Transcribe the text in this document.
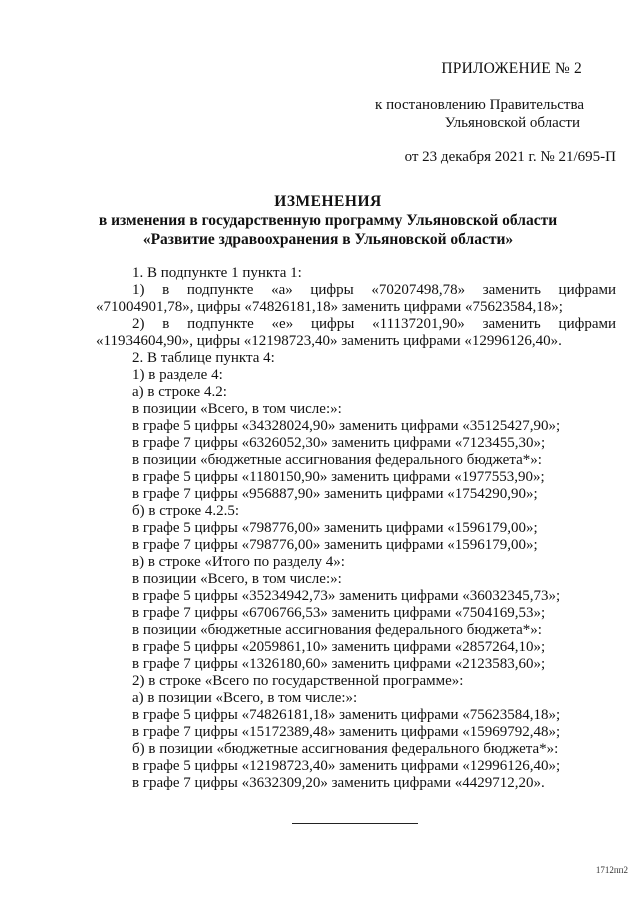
ПРИЛОЖЕНИЕ № 2
к постановлению Правительства
Ульяновской области
от 23 декабря 2021 г. № 21/695-П
ИЗМЕНЕНИЯ
в изменения в государственную программу Ульяновской области
«Развитие здравоохранения в Ульяновской области»
1. В подпункте 1 пункта 1:
1) в подпункте «а» цифры «70207498,78» заменить цифрами
«71004901,78», цифры «74826181,18» заменить цифрами «75623584,18»;
2) в подпункте «е» цифры «11137201,90» заменить цифрами
«11934604,90», цифры «12198723,40» заменить цифрами «12996126,40».
2. В таблице пункта 4:
1) в разделе 4:
а) в строке 4.2:
в позиции «Всего, в том числе:»:
в графе 5 цифры «34328024,90» заменить цифрами «35125427,90»;
в графе 7 цифры «6326052,30» заменить цифрами «7123455,30»;
в позиции «бюджетные ассигнования федерального бюджета*»:
в графе 5 цифры «1180150,90» заменить цифрами «1977553,90»;
в графе 7 цифры «956887,90» заменить цифрами «1754290,90»;
б) в строке 4.2.5:
в графе 5 цифры «798776,00» заменить цифрами «1596179,00»;
в графе 7 цифры «798776,00» заменить цифрами «1596179,00»;
в) в строке «Итого по разделу 4»:
в позиции «Всего, в том числе:»:
в графе 5 цифры «35234942,73» заменить цифрами «36032345,73»;
в графе 7 цифры «6706766,53» заменить цифрами «7504169,53»;
в позиции «бюджетные ассигнования федерального бюджета*»:
в графе 5 цифры «2059861,10» заменить цифрами «2857264,10»;
в графе 7 цифры «1326180,60» заменить цифрами «2123583,60»;
2) в строке «Всего по государственной программе»:
а) в позиции «Всего, в том числе:»:
в графе 5 цифры «74826181,18» заменить цифрами «75623584,18»;
в графе 7 цифры «15172389,48» заменить цифрами «15969792,48»;
б) в позиции «бюджетные ассигнования федерального бюджета*»:
в графе 5 цифры «12198723,40» заменить цифрами «12996126,40»;
в графе 7 цифры «3632309,20» заменить цифрами «4429712,20».
1712пп2
